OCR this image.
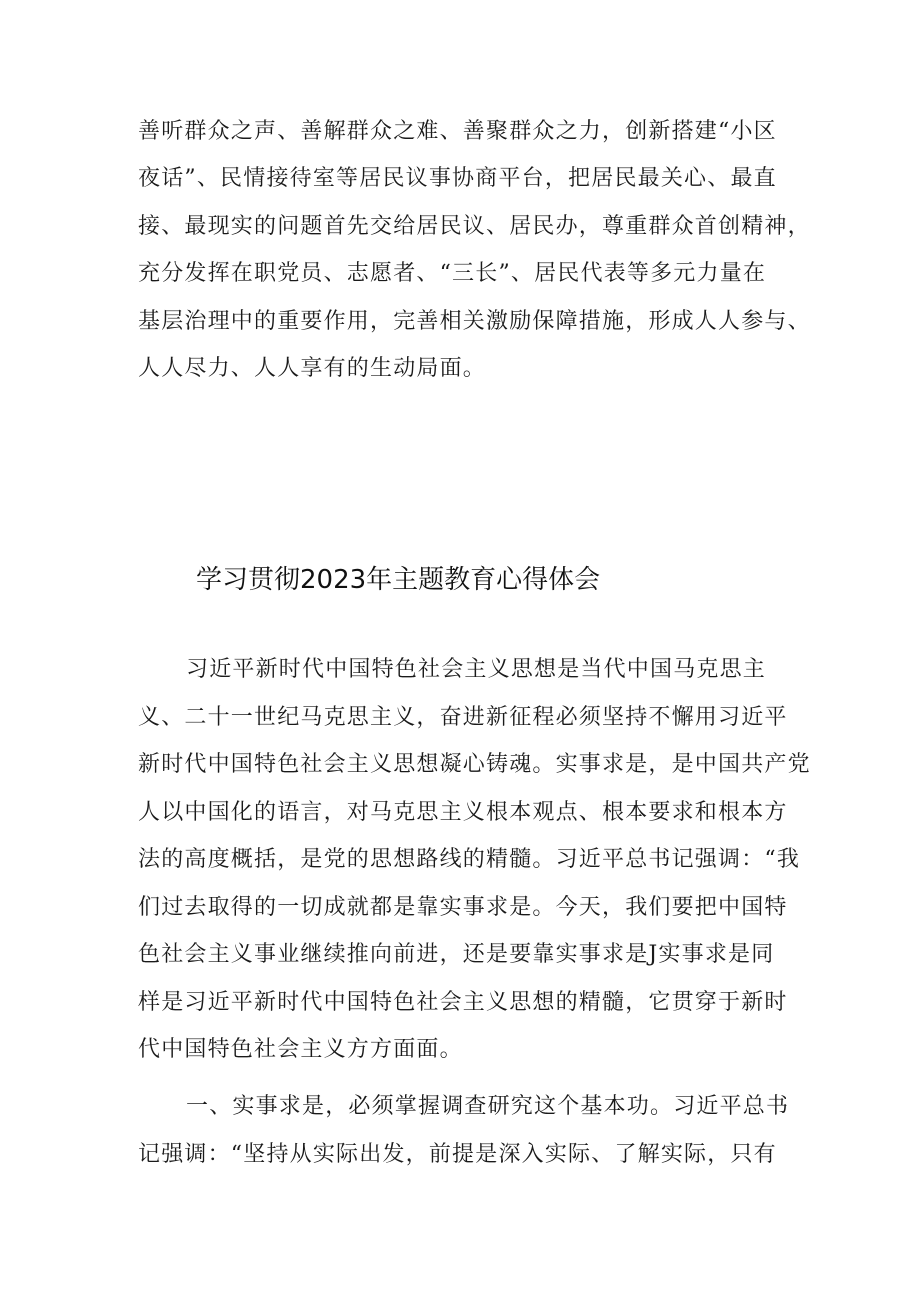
善听群众之声、善解群众之难、善聚群众之力，创新搭建“小区
夜话”、民情接待室等居民议事协商平台，把居民最关心、最直
接、最现实的问题首先交给居民议、居民办，尊重群众首创精神，
充分发挥在职党员、志愿者、“三长”、居民代表等多元力量在
基层治理中的重要作用，完善相关激励保障措施，形成人人参与、
人人尽力、人人享有的生动局面。
学习贯彻2023年主题教育心得体会
习近平新时代中国特色社会主义思想是当代中国马克思主
义、二十一世纪马克思主义，奋进新征程必须坚持不懈用习近平
新时代中国特色社会主义思想凝心铸魂。实事求是，是中国共产党
人以中国化的语言，对马克思主义根本观点、根本要求和根本方
法的高度概括，是党的思想路线的精髓。习近平总书记强调：“我
们过去取得的一切成就都是靠实事求是。今天，我们要把中国特
色社会主义事业继续推向前进，还是要靠实事求是J实事求是同
样是习近平新时代中国特色社会主义思想的精髓，它贯穿于新时
代中国特色社会主义方方面面。
一、实事求是，必须掌握调查研究这个基本功。习近平总书
记强调：“坚持从实际出发，前提是深入实际、了解实际，只有
